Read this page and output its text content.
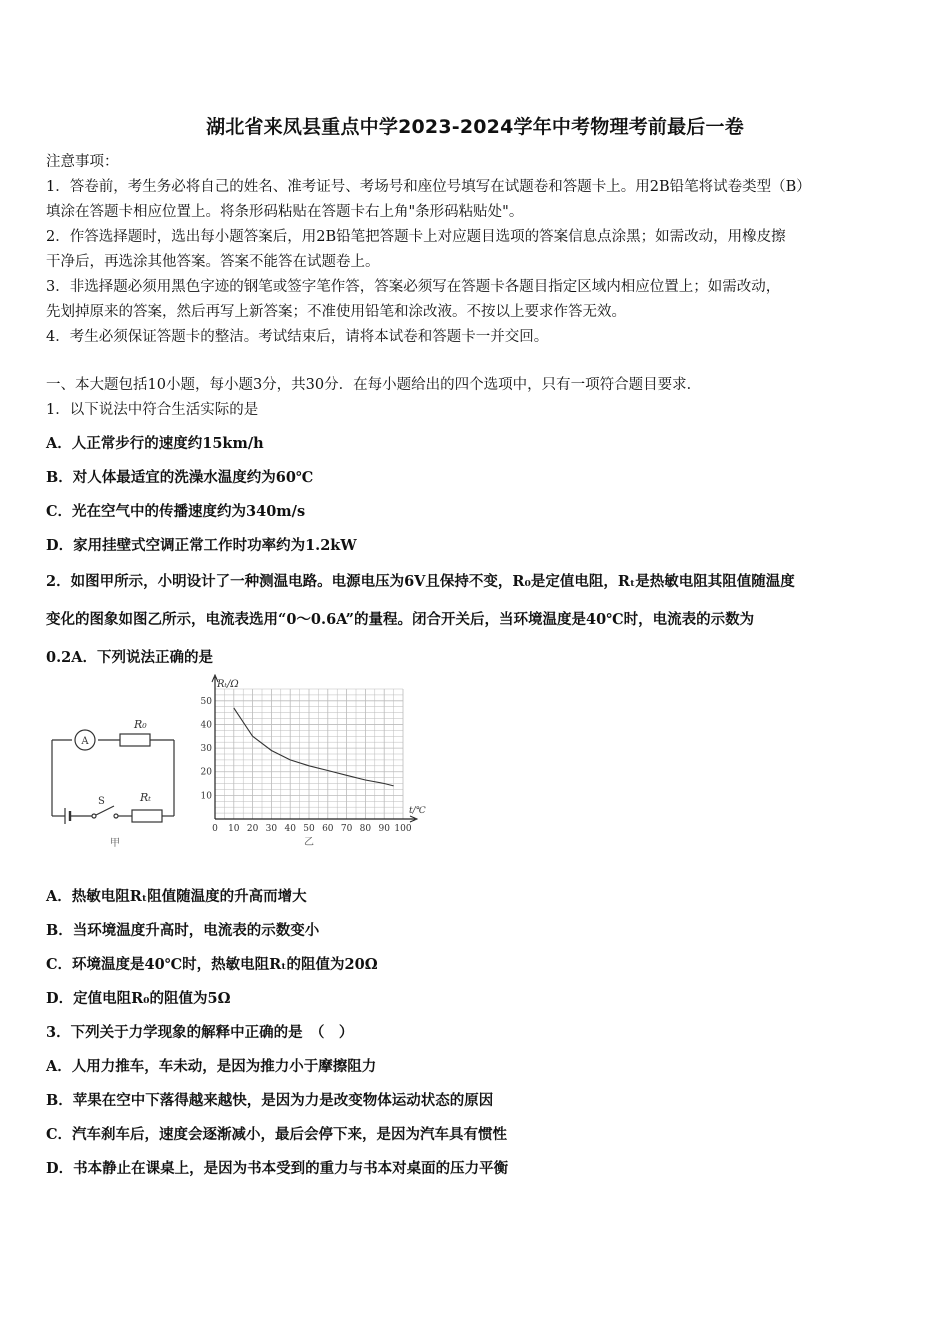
湖北省来凤县重点中学2023-2024学年中考物理考前最后一卷
注意事项：
1．答卷前，考生务必将自己的姓名、准考证号、考场号和座位号填写在试题卷和答题卡上。用2B铅笔将试卷类型（B）
填涂在答题卡相应位置上。将条形码粘贴在答题卡右上角"条形码粘贴处"。
2．作答选择题时，选出每小题答案后，用2B铅笔把答题卡上对应题目选项的答案信息点涂黑；如需改动，用橡皮擦
干净后，再选涂其他答案。答案不能答在试题卷上。
3．非选择题必须用黑色字迹的钢笔或签字笔作答，答案必须写在答题卡各题目指定区域内相应位置上；如需改动，
先划掉原来的答案，然后再写上新答案；不准使用铅笔和涂改液。不按以上要求作答无效。
4．考生必须保证答题卡的整洁。考试结束后，请将本试卷和答题卡一并交回。
一、本大题包括10小题，每小题3分，共30分．在每小题给出的四个选项中，只有一项符合题目要求．
1．以下说法中符合生活实际的是
A．人正常步行的速度约15km/h
B．对人体最适宜的洗澡水温度约为60℃
C．光在空气中的传播速度约为340m/s
D．家用挂壁式空调正常工作时功率约为1.2kW
2．如图甲所示，小明设计了一种测温电路。电源电压为6V且保持不变，R₀是定值电阻，Rₜ是热敏电阻其阻值随温度
变化的图象如图乙所示，电流表选用“0～0.6A”的量程。闭合开关后，当环境温度是40℃时，电流表的示数为
0.2A．下列说法正确的是
A
R₀
S	Rₜ
甲
0 10 20 30 40 50 60 70 80 90 100
10
20
30
40
50
Rₜ/Ω
t/℃
乙
A．热敏电阻Rₜ阻值随温度的升高而增大
B．当环境温度升高时，电流表的示数变小
C．环境温度是40℃时，热敏电阻Rₜ的阻值为20Ω
D．定值电阻R₀的阻值为5Ω
3．下列关于力学现象的解释中正确的是　（　）
A．人用力推车，车未动，是因为推力小于摩擦阻力
B．苹果在空中下落得越来越快，是因为力是改变物体运动状态的原因
C．汽车刹车后，速度会逐渐减小，最后会停下来，是因为汽车具有惯性
D．书本静止在课桌上，是因为书本受到的重力与书本对桌面的压力平衡
